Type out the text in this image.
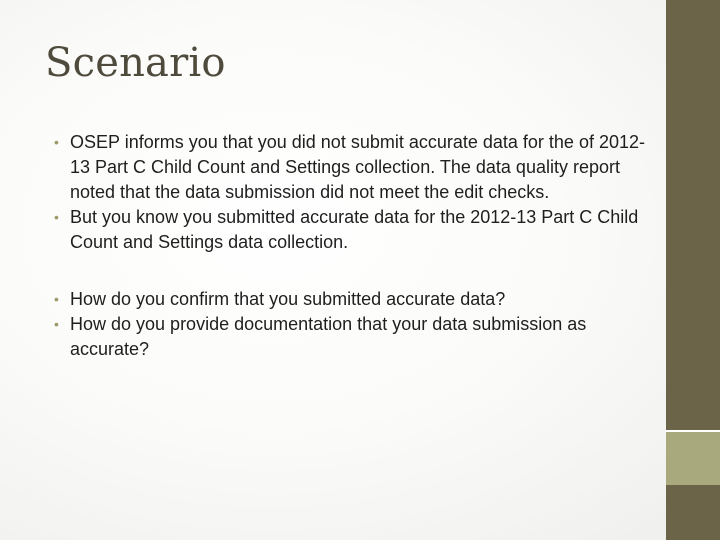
Scenario
• OSEP informs you that you did not submit accurate data for the of 2012-13 Part C Child Count and Settings collection. The data quality report noted that the data submission did not meet the edit checks.
• But you know you submitted accurate data for the 2012-13 Part C Child Count and Settings data collection.
• How do you confirm that you submitted accurate data?
• How do you provide documentation that your data submission as accurate?
